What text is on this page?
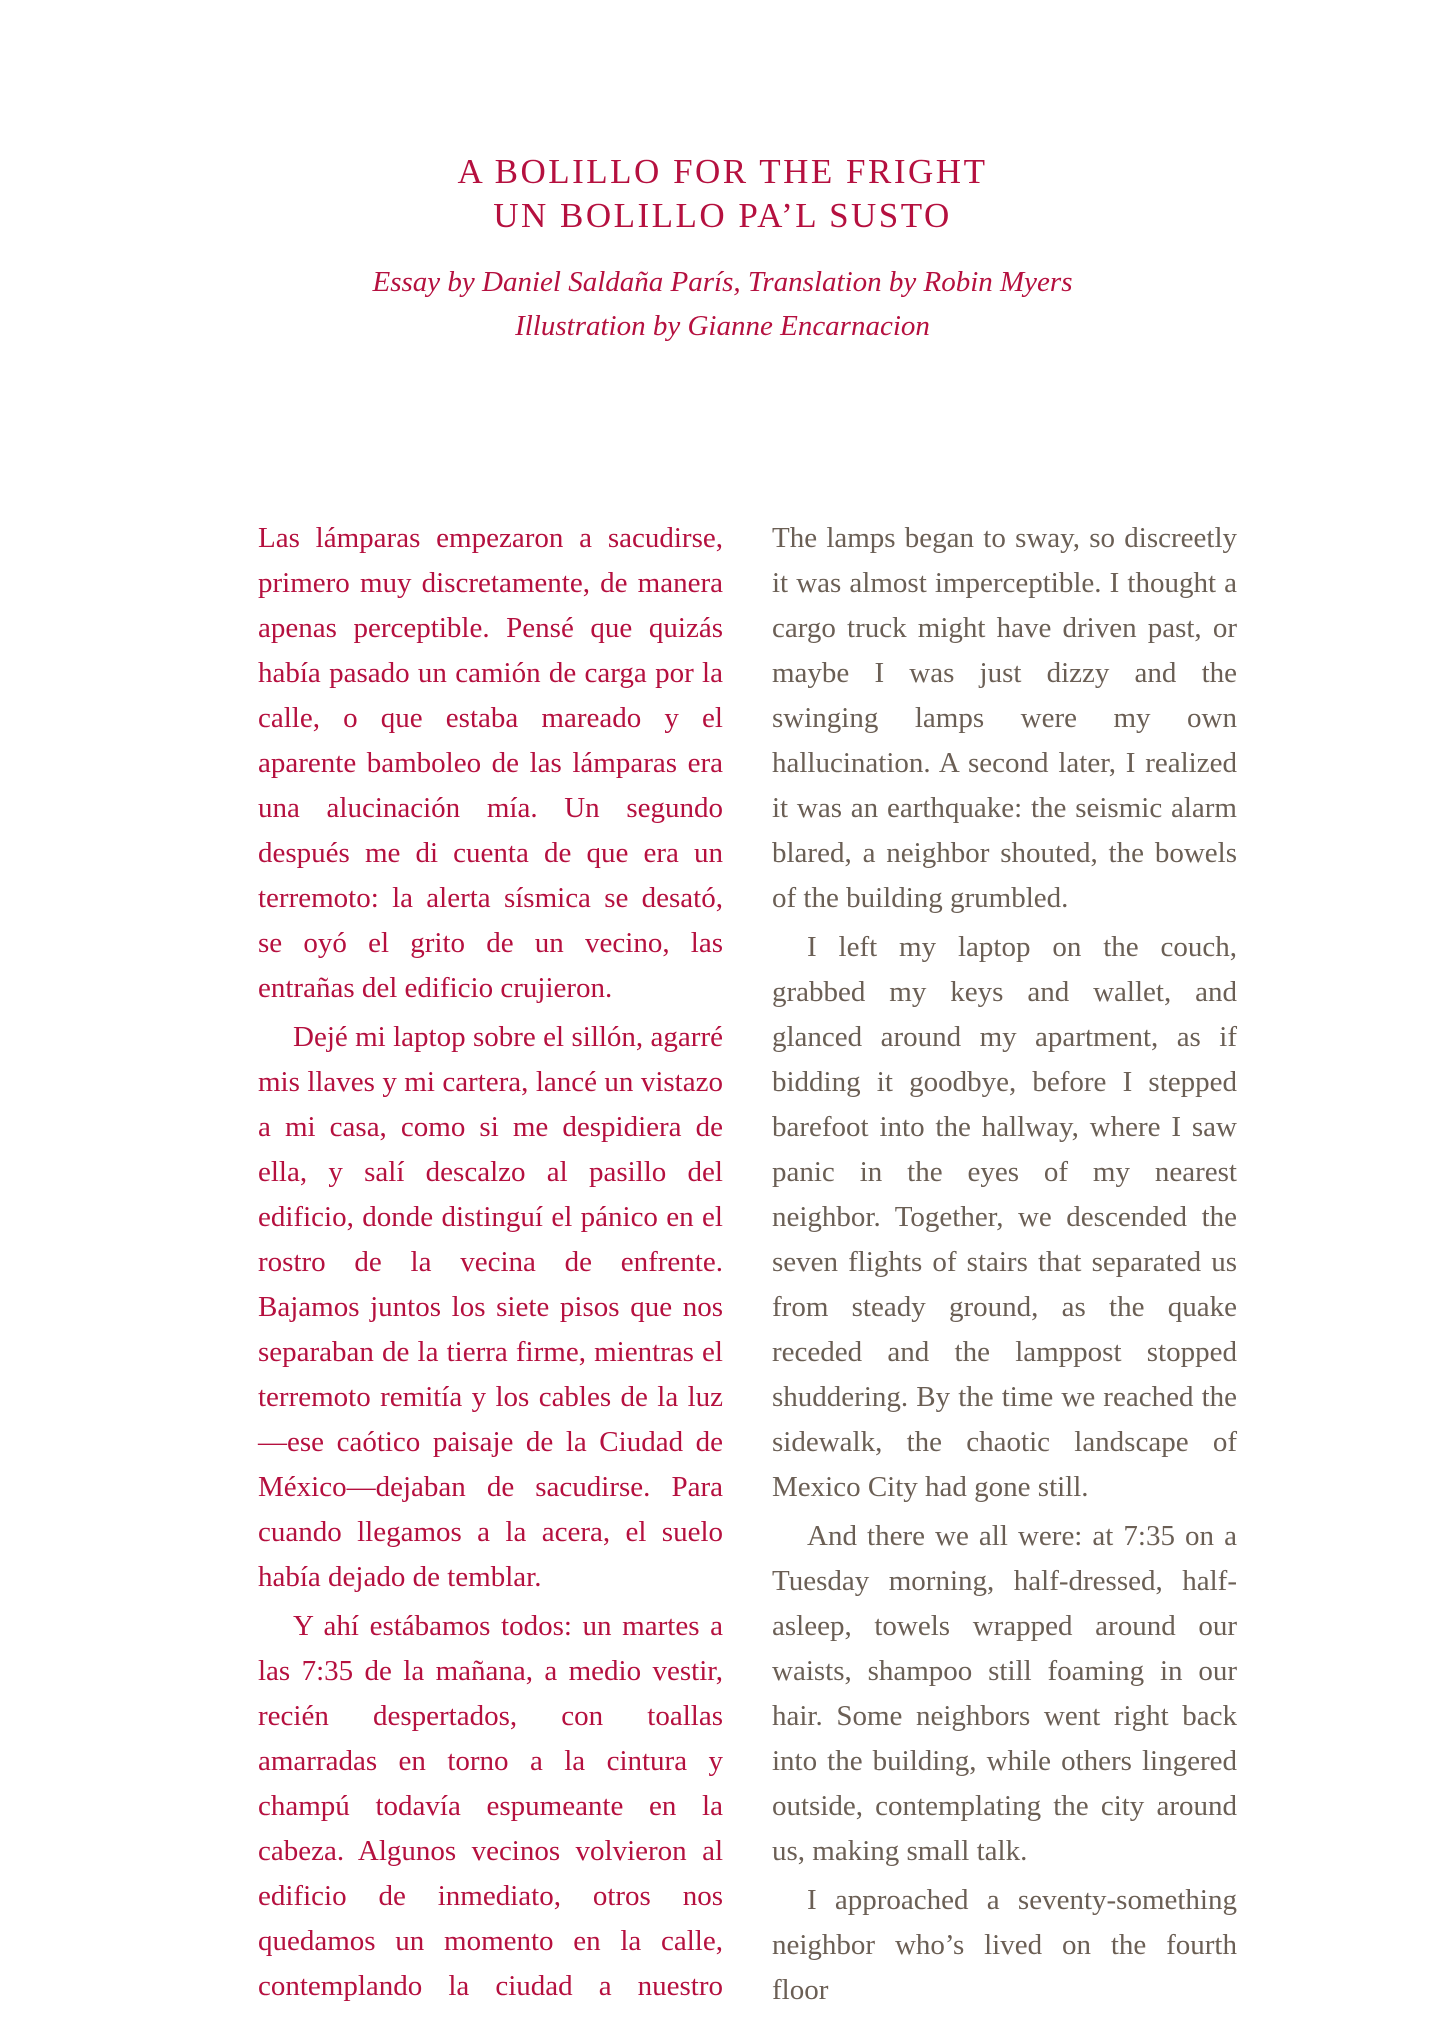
A BOLILLO FOR THE FRIGHT
UN BOLILLO PA’L SUSTO

Essay by Daniel Saldaña París, Translation by Robin Myers

Illustration by Gianne Encarnacion

Las lámparas empezaron a sacudirse, primero muy discretamente, de manera apenas perceptible. Pensé que quizás había pasado un camión de carga por la calle, o que estaba mareado y el aparente bamboleo de las lámparas era una alucinación mía. Un segundo después me di cuenta de que era un terremoto: la alerta sísmica se desató, se oyó el grito de un vecino, las entrañas del edificio crujieron.

Dejé mi laptop sobre el sillón, agarré mis llaves y mi cartera, lancé un vistazo a mi casa, como si me despidiera de ella, y salí descalzo al pasillo del edificio, donde distinguí el pánico en el rostro de la vecina de enfrente. Bajamos juntos los siete pisos que nos separaban de la tierra firme, mientras el terremoto remitía y los cables de la luz—ese caótico paisaje de la Ciudad de México—dejaban de sacudirse. Para cuando llegamos a la acera, el suelo había dejado de temblar.

Y ahí estábamos todos: un martes a las 7:35 de la mañana, a medio vestir, recién despertados, con toallas amarradas en torno a la cintura y champú todavía espumeante en la cabeza. Algunos vecinos volvieron al edificio de inmediato, otros nos quedamos un momento en la calle, contemplando la ciudad a nuestro

The lamps began to sway, so discreetly it was almost imperceptible. I thought a cargo truck might have driven past, or maybe I was just dizzy and the swinging lamps were my own hallucination. A second later, I realized it was an earthquake: the seismic alarm blared, a neighbor shouted, the bowels of the building grumbled.

I left my laptop on the couch, grabbed my keys and wallet, and glanced around my apartment, as if bidding it goodbye, before I stepped barefoot into the hallway, where I saw panic in the eyes of my nearest neighbor. Together, we descended the seven flights of stairs that separated us from steady ground, as the quake receded and the lamppost stopped shuddering. By the time we reached the sidewalk, the chaotic landscape of Mexico City had gone still.

And there we all were: at 7:35 on a Tuesday morning, half-dressed, half-asleep, towels wrapped around our waists, shampoo still foaming in our hair. Some neighbors went right back into the building, while others lingered outside, contemplating the city around us, making small talk.

I approached a seventy-something neighbor who’s lived on the fourth floor
